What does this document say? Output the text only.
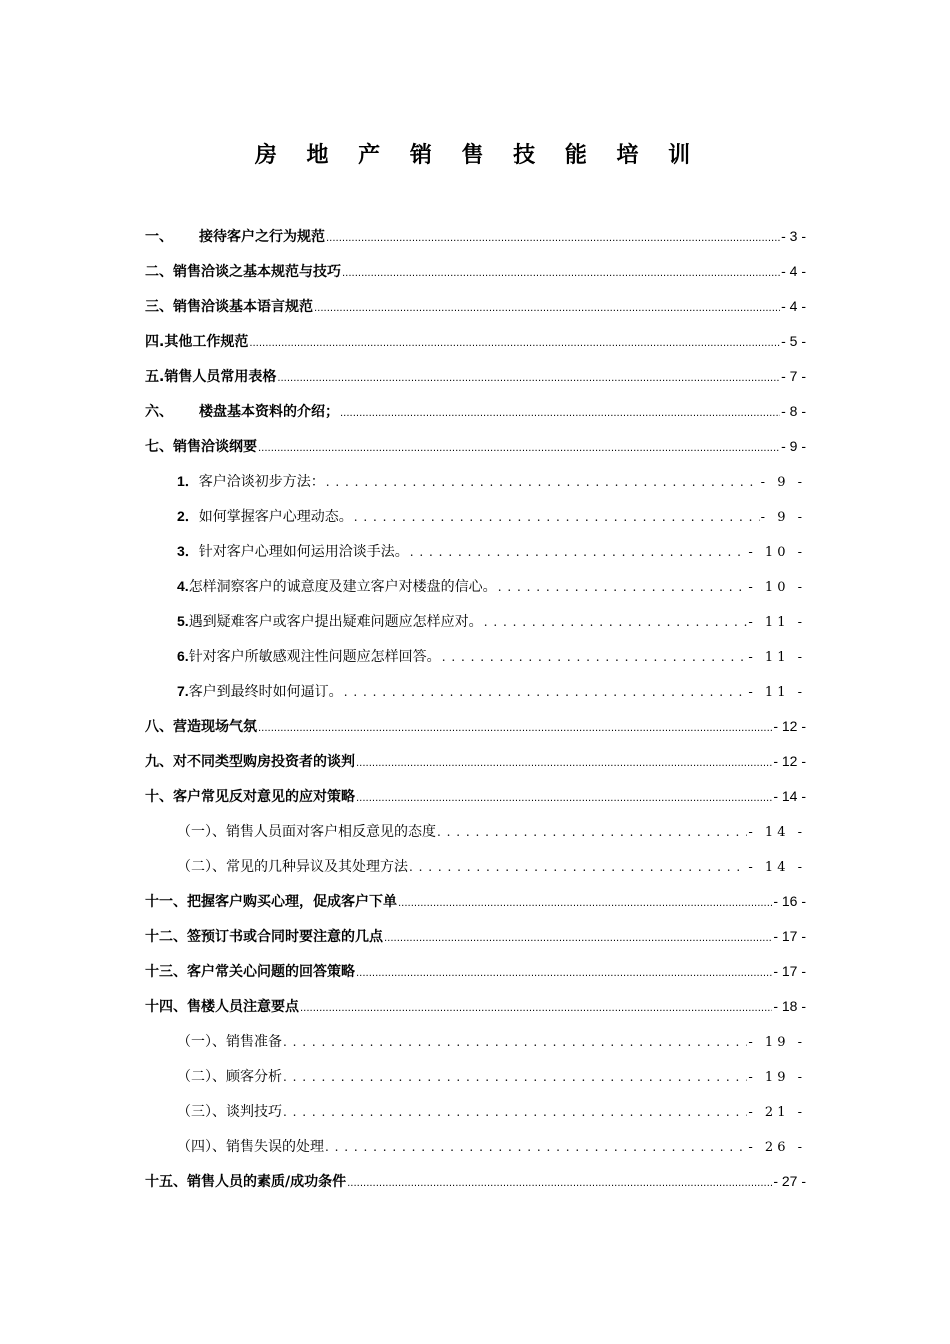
房 地 产 销 售 技 能 培 训
一、 接待客户之行为规范 .....	- 3 -
二、销售洽谈之基本规范与技巧 .....	- 4 -
三、销售洽谈基本语言规范 .....	- 4 -
四.其他工作规范 .....	- 5 -
五.销售人员常用表格 .....	- 7 -
六、 楼盘基本资料的介绍； .....	- 8 -
七、销售洽谈纲要 .....	- 9 -
1．客户洽谈初步方法： . . .	- 9 -
2．如何掌握客户心理动态。 . . .	- 9 -
3．针对客户心理如何运用洽谈手法。 . . .	- 10 -
4.怎样洞察客户的诚意度及建立客户对楼盘的信心。 . . .	- 10 -
5.遇到疑难客户或客户提出疑难问题应怎样应对。 . . .	- 11 -
6.针对客户所敏感观注性问题应怎样回答。 . . .	- 11 -
7.客户到最终时如何逼订。 . . .	- 11 -
八、营造现场气氛 .....	- 12 -
九、对不同类型购房投资者的谈判 .....	- 12 -
十、客户常见反对意见的应对策略 .....	- 14 -
（一）、销售人员面对客户相反意见的态度 . . .	- 14 -
（二）、常见的几种异议及其处理方法 . . .	- 14 -
十一、把握客户购买心理，促成客户下单 .....	- 16 -
十二、签预订书或合同时要注意的几点 .....	- 17 -
十三、客户常关心问题的回答策略 .....	- 17 -
十四、售楼人员注意要点 .....	- 18 -
（一）、销售准备 . . .	- 19 -
（二）、顾客分析 . . .	- 19 -
（三）、谈判技巧 . . .	- 21 -
（四）、销售失误的处理 . . .	- 26 -
十五、销售人员的素质/成功条件 .....	- 27 -
